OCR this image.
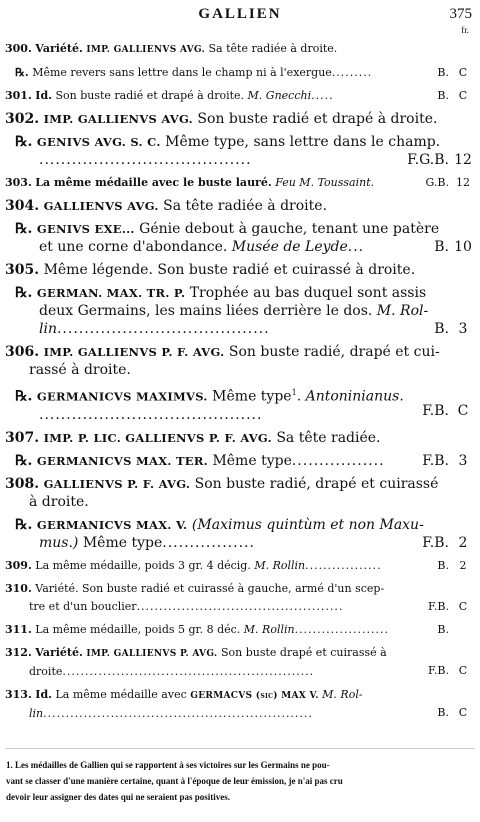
GALLIEN	375
fr.
300. Variété. IMP. GALLIENVS AVG. Sa tête radiée à droite.
℞. Même revers sans lettre dans le champ ni à l'exergue.........	B. C
301. Id. Son buste radié et drapé à droite. M. Gnecchi.....	B. C
302. IMP. GALLIENVS AVG. Son buste radié et drapé à droite.
℞. GENIVS AVG. S. C. Même type, sans lettre dans le champ.
.......................................	F.G.B. 12
303. La même médaille avec le buste lauré. Feu M. Toussaint.	G.B. 12
304. GALLIENVS AVG. Sa tête radiée à droite.
℞. GENIVS EXE... Génie debout à gauche, tenant une patère
et une corne d'abondance. Musée de Leyde...	B. 10
305. Même légende. Son buste radié et cuirassé à droite.
℞. GERMAN. MAX. TR. P. Trophée au bas duquel sont assis
deux Germains, les mains liées derrière le dos. M. Rol-
lin.......................................	B. 3
306. IMP. GALLIENVS P. F. AVG. Son buste radié, drapé et cui-
rassé à droite.
℞. GERMANICVS MAXIMVS. Même type$^1$. Antoninianus.
.........................................	F.B. C
307. IMP. P. LIC. GALLIENVS P. F. AVG. Sa tête radiée.
℞. GERMANICVS MAX. TER. Même type.................	F.B. 3
308. GALLIENVS P. F. AVG. Son buste radié, drapé et cuirassé
à droite.
℞. GERMANICVS MAX. V. (Maximus quintùm et non Maxu-
mus.) Même type.................	F.B. 2
309. La même médaille, poids 3 gr. 4 décig. M. Rollin.................	B. 2
310. Variété. Son buste radié et cuirassé à gauche, armé d'un scep-
tre et d'un bouclier..............................................	F.B. C
311. La même médaille, poids 5 gr. 8 déc. M. Rollin.....................	B.
312. Variété. IMP. GALLIENVS P. AVG. Son buste drapé et cuirassé à
droite........................................................	F.B. C
313. Id. La même médaille avec GERMACVS (sic) MAX V. M. Rol-
lin............................................................	B. C
1. Les médailles de Gallien qui se rapportent à ses victoires sur les Germains ne pou-
vant se classer d'une manière certaine, quant à l'époque de leur émission, je n'ai pas cru
devoir leur assigner des dates qui ne seraient pas positives.
